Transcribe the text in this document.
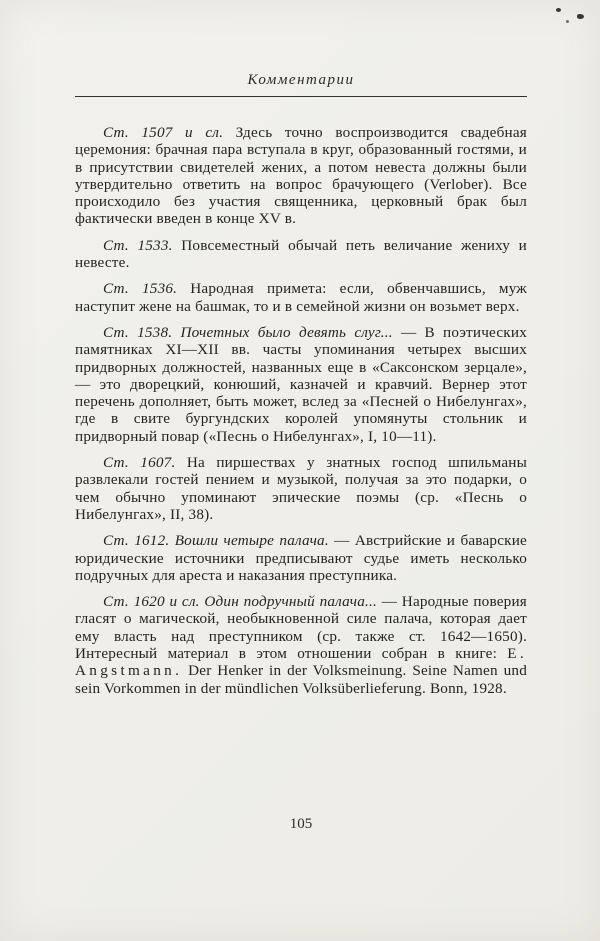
Комментарии

Ст. 1507 и сл. Здесь точно воспроизводится свадебная церемония: брачная пара вступала в круг, образованный гостями, и в присутствии свидетелей жених, а потом невеста должны были утвердительно ответить на вопрос брачующего (Verlober). Все происходило без участия священника, церковный брак был фактически введен в конце XV в.

Ст. 1533. Повсеместный обычай петь величание жениху и невесте.

Ст. 1536. Народная примета: если, обвенчавшись, муж наступит жене на башмак, то и в семейной жизни он возьмет верх.

Ст. 1538. Почетных было девять слуг... — В поэтических памятниках XI—XII вв. часты упоминания четырех высших придворных должностей, названных еще в «Саксонском зерцале», — это дворецкий, конюший, казначей и кравчий. Вернер этот перечень дополняет, быть может, вслед за «Песней о Нибелунгах», где в свите бургундских королей упомянуты стольник и придворный повар («Песнь о Нибелунгах», I, 10—11).

Ст. 1607. На пиршествах у знатных господ шпильманы развлекали гостей пением и музыкой, получая за это подарки, о чем обычно упоминают эпические поэмы (ср. «Песнь о Нибелунгах», II, 38).

Ст. 1612. Вошли четыре палача. — Австрийские и баварские юридические источники предписывают судье иметь несколько подручных для ареста и наказания преступника.

Ст. 1620 и сл. Один подручный палача... — Народные поверия гласят о магической, необыкновенной силе палача, которая дает ему власть над преступником (ср. также ст. 1642—1650). Интересный материал в этом отношении собран в книге: E. Angstmann. Der Henker in der Volksmeinung. Seine Namen und sein Vorkommen in der mündlichen Volksüberlieferung. Bonn, 1928.

105
